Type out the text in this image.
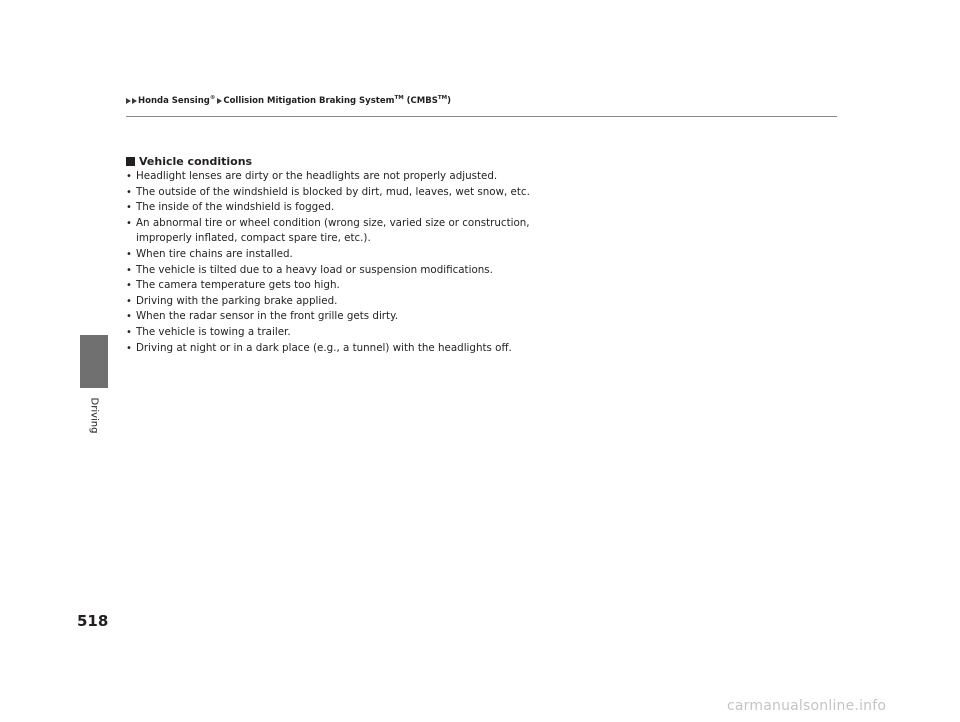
Honda Sensing® Collision Mitigation Braking System™ (CMBS™)
Driving
Vehicle conditions
• Headlight lenses are dirty or the headlights are not properly adjusted.
• The outside of the windshield is blocked by dirt, mud, leaves, wet snow, etc.
• The inside of the windshield is fogged.
• An abnormal tire or wheel condition (wrong size, varied size or construction, improperly inflated, compact spare tire, etc.).
• When tire chains are installed.
• The vehicle is tilted due to a heavy load or suspension modifications.
• The camera temperature gets too high.
• Driving with the parking brake applied.
• When the radar sensor in the front grille gets dirty.
• The vehicle is towing a trailer.
• Driving at night or in a dark place (e.g., a tunnel) with the headlights off.
518
carmanualsonline.info
